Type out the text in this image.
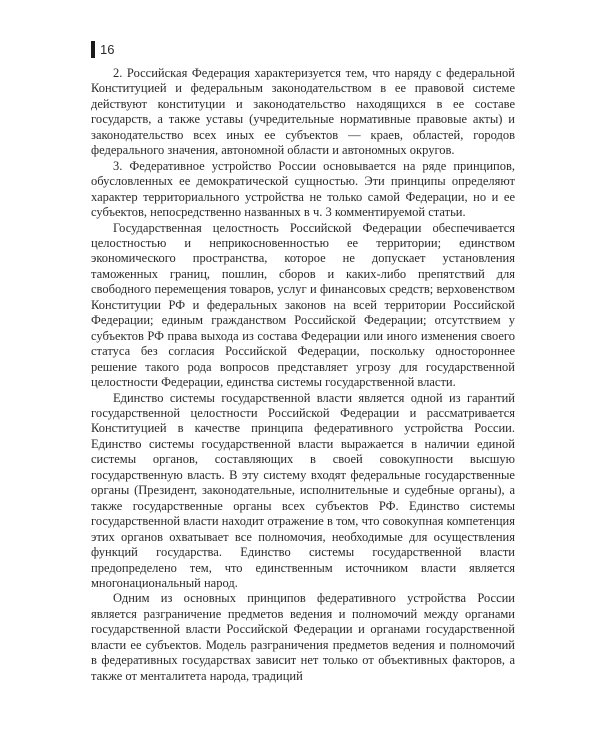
16

2. Российская Федерация характеризуется тем, что наряду с федеральной Конституцией и федеральным законодательством в ее правовой системе действуют конституции и законодательство находящихся в ее составе государств, а также уставы (учредительные нормативные правовые акты) и законодательство всех иных ее субъектов — краев, областей, городов федерального значения, автономной области и автономных округов.

3. Федеративное устройство России основывается на ряде принципов, обусловленных ее демократической сущностью. Эти принципы определяют характер территориального устройства не только самой Федерации, но и ее субъектов, непосредственно названных в ч. 3 комментируемой статьи.

Государственная целостность Российской Федерации обеспечивается целостностью и неприкосновенностью ее территории; единством экономического пространства, которое не допускает установления таможенных границ, пошлин, сборов и каких-либо препятствий для свободного перемещения товаров, услуг и финансовых средств; верховенством Конституции РФ и федеральных законов на всей территории Российской Федерации; единым гражданством Российской Федерации; отсутствием у субъектов РФ права выхода из состава Федерации или иного изменения своего статуса без согласия Российской Федерации, поскольку одностороннее решение такого рода вопросов представляет угрозу для государственной целостности Федерации, единства системы государственной власти.

Единство системы государственной власти является одной из гарантий государственной целостности Российской Федерации и рассматривается Конституцией в качестве принципа федеративного устройства России. Единство системы государственной власти выражается в наличии единой системы органов, составляющих в своей совокупности высшую государственную власть. В эту систему входят федеральные государственные органы (Президент, законодательные, исполнительные и судебные органы), а также государственные органы всех субъектов РФ. Единство системы государственной власти находит отражение в том, что совокупная компетенция этих органов охватывает все полномочия, необходимые для осуществления функций государства. Единство системы государственной власти предопределено тем, что единственным источником власти является многонациональный народ.

Одним из основных принципов федеративного устройства России является разграничение предметов ведения и полномочий между органами государственной власти Российской Федерации и органами государственной власти ее субъектов. Модель разграничения предметов ведения и полномочий в федеративных государствах зависит нет только от объективных факторов, а также от менталитета народа, традиций
